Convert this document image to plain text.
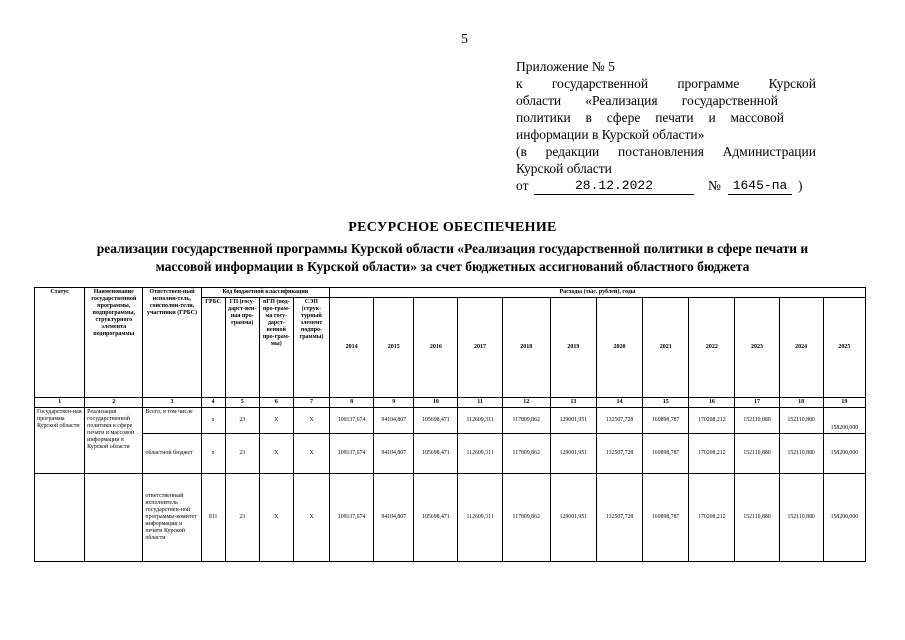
5
Приложение № 5
к государственной программе Курской
области «Реализация государственной
политики в сфере печати и массовой
информации в Курской области»
(в редакции постановления Администрации
Курской области
от	28.12.2022	№ 1645-па )
РЕСУРСНОЕ ОБЕСПЕЧЕНИЕ
реализации государственной программы Курской области «Реализация государственной политики в сфере печати и
массовой информации в Курской области» за счет бюджетных ассигнований областного бюджета
Статус	Наименование государственной программы, подпрограммы, структурного элемента подпрограммы	Ответствен-ный исполни-тель, соисполни-тели, участники (ГРБС)	Код бюджетной классификации				Расходы (тыс. рублей), годы											
			ГРБС	ГП (госу-дарст-вен-ная про-грамма)	пГП (под-про-грам-ма госу-дарст-венной про-грам-мы)	СЭП (струк-турный элемент подпро-граммы)	2014	2015	2016	2017	2018	2019	2020	2021	2022	2023	2024	2025
1	2	3	4	5	6	7	8	9	10	11	12	13	14	15	16	17	18	19
Государствен-ная программа Курской области	Реализация государственной политики в сфере печати и массовой информации в Курской области	Всего, в том числе	х	23	Х	Х	109137,674	94104,807	105698,471	112609,311	117809,862	129001,951	132507,728	169898,787	170208,212	152110,880	152110,880	158200,000
		областной бюджет	х	23	Х	Х	109137,674	94104,807	105698,471	112609,311	117809,862	129001,951	132507,728	169898,787	170208,212	152110,880	152110,880	158200,000
		ответственный исполнитель государствен-ной программы-комитет информации и печати Курской области	811	23	Х	Х	109137,674	94104,807	105698,471	112609,311	117809,862	129001,951	132507,728	169898,787	170208,212	152110,880	152110,880	158200,000
